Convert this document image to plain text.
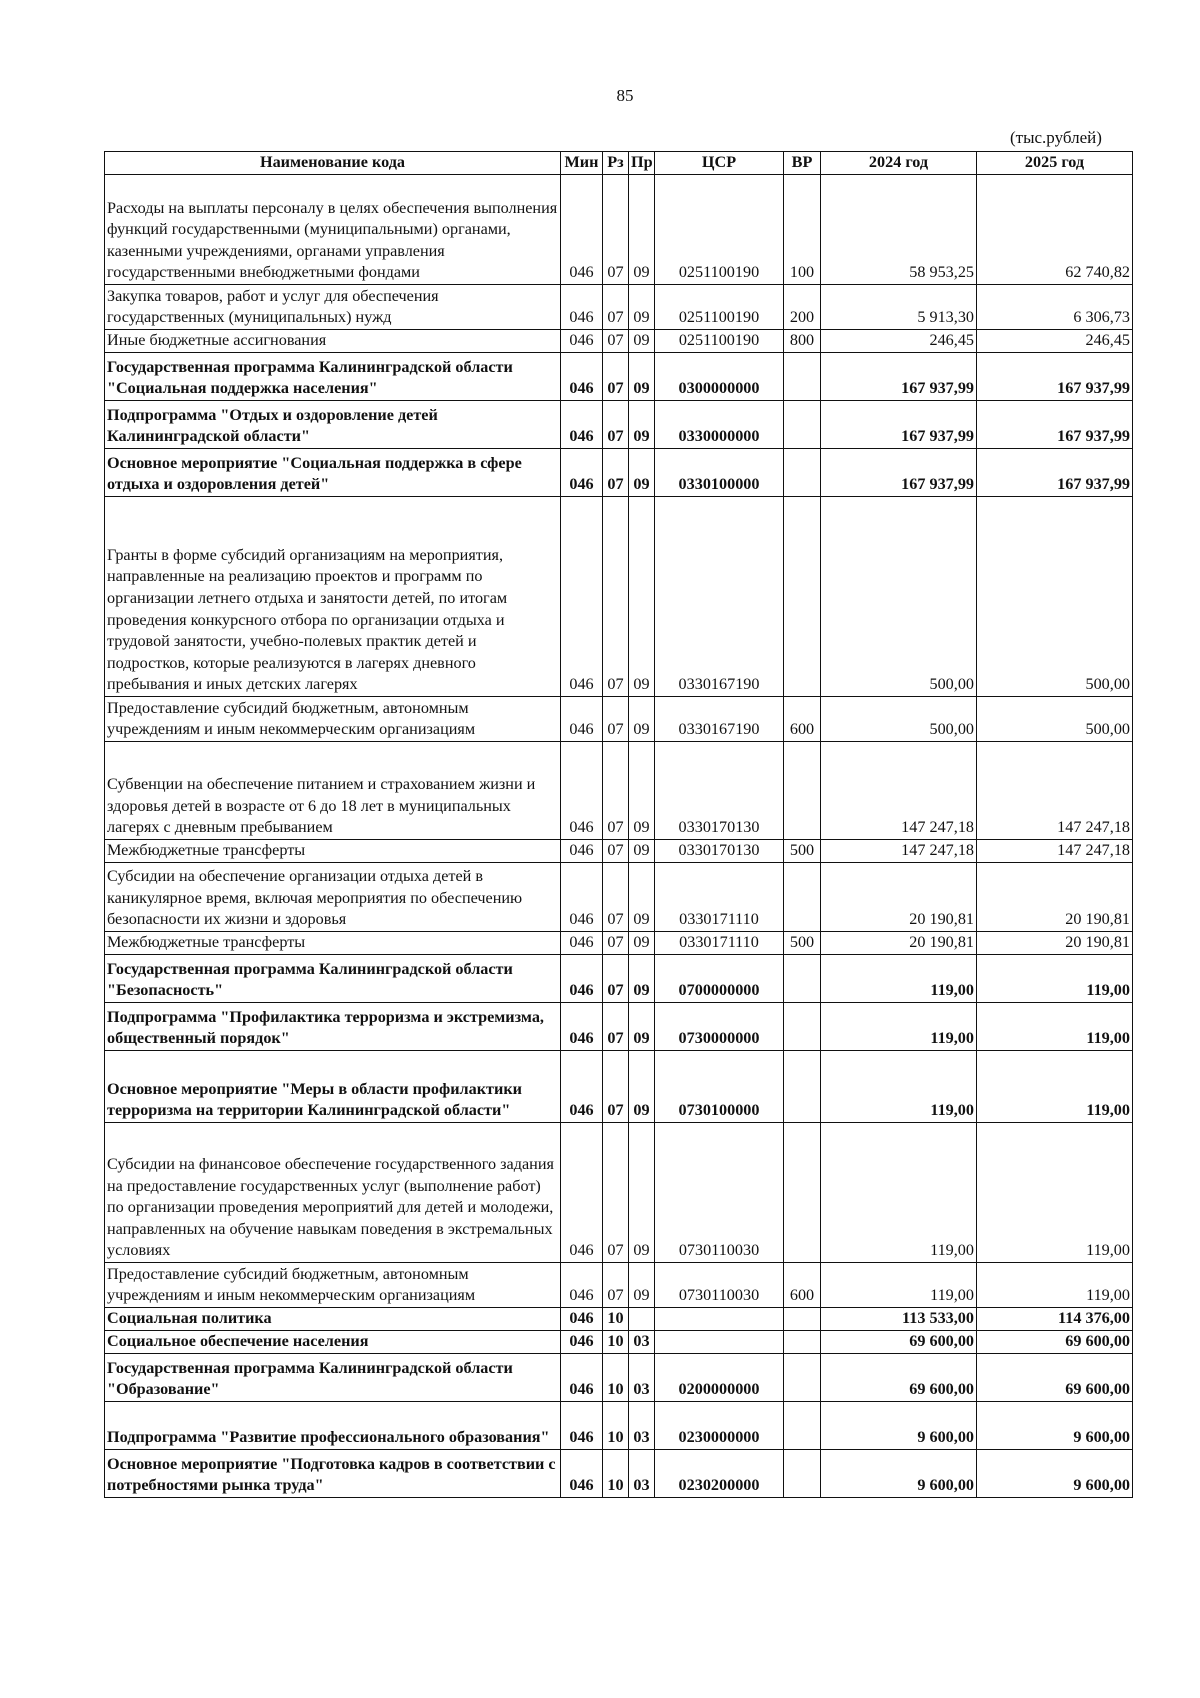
85
(тыс.рублей)
Наименование кода	Мин	Рз	Пр	ЦСР	ВР	2024 год	2025 год
Расходы на выплаты персоналу в целях обеспечения выполнения функций государственными (муниципальными) органами, казенными учреждениями, органами управления государственными внебюджетными фондами	046	07	09	0251100190	100	58 953,25	62 740,82
Закупка товаров, работ и услуг для обеспечения государственных (муниципальных) нужд	046	07	09	0251100190	200	5 913,30	6 306,73
Иные бюджетные ассигнования	046	07	09	0251100190	800	246,45	246,45
Государственная программа Калининградской области "Социальная поддержка населения"	046	07	09	0300000000		167 937,99	167 937,99
Подпрограмма "Отдых и оздоровление детей Калининградской области"	046	07	09	0330000000		167 937,99	167 937,99
Основное мероприятие "Социальная поддержка в сфере отдыха и оздоровления детей"	046	07	09	0330100000		167 937,99	167 937,99
Гранты в форме субсидий организациям на мероприятия, направленные на реализацию проектов и программ по организации летнего отдыха и занятости детей, по итогам проведения конкурсного отбора по организации отдыха и трудовой занятости, учебно-полевых практик детей и подростков, которые реализуются в лагерях дневного пребывания и иных детских лагерях	046	07	09	0330167190		500,00	500,00
Предоставление субсидий бюджетным, автономным учреждениям и иным некоммерческим организациям	046	07	09	0330167190	600	500,00	500,00
Субвенции на обеспечение питанием и страхованием жизни и здоровья детей в возрасте от 6 до 18 лет в муниципальных лагерях с дневным пребыванием	046	07	09	0330170130		147 247,18	147 247,18
Межбюджетные трансферты	046	07	09	0330170130	500	147 247,18	147 247,18
Субсидии на обеспечение организации отдыха детей в каникулярное время, включая мероприятия по обеспечению безопасности их жизни и здоровья	046	07	09	0330171110		20 190,81	20 190,81
Межбюджетные трансферты	046	07	09	0330171110	500	20 190,81	20 190,81
Государственная программа Калининградской области "Безопасность"	046	07	09	0700000000		119,00	119,00
Подпрограмма "Профилактика терроризма и экстремизма, общественный порядок"	046	07	09	0730000000		119,00	119,00
Основное мероприятие "Меры в области профилактики терроризма на территории Калининградской области"	046	07	09	0730100000		119,00	119,00
Субсидии на финансовое обеспечение государственного задания на предоставление государственных услуг (выполнение работ) по организации проведения мероприятий для детей и молодежи, направленных на обучение навыкам поведения в экстремальных условиях	046	07	09	0730110030		119,00	119,00
Предоставление субсидий бюджетным, автономным учреждениям и иным некоммерческим организациям	046	07	09	0730110030	600	119,00	119,00
Социальная политика	046	10				113 533,00	114 376,00
Социальное обеспечение населения	046	10	03			69 600,00	69 600,00
Государственная программа Калининградской области "Образование"	046	10	03	0200000000		69 600,00	69 600,00
Подпрограмма "Развитие профессионального образования"	046	10	03	0230000000		9 600,00	9 600,00
Основное мероприятие "Подготовка кадров в соответствии с потребностями рынка труда"	046	10	03	0230200000		9 600,00	9 600,00
